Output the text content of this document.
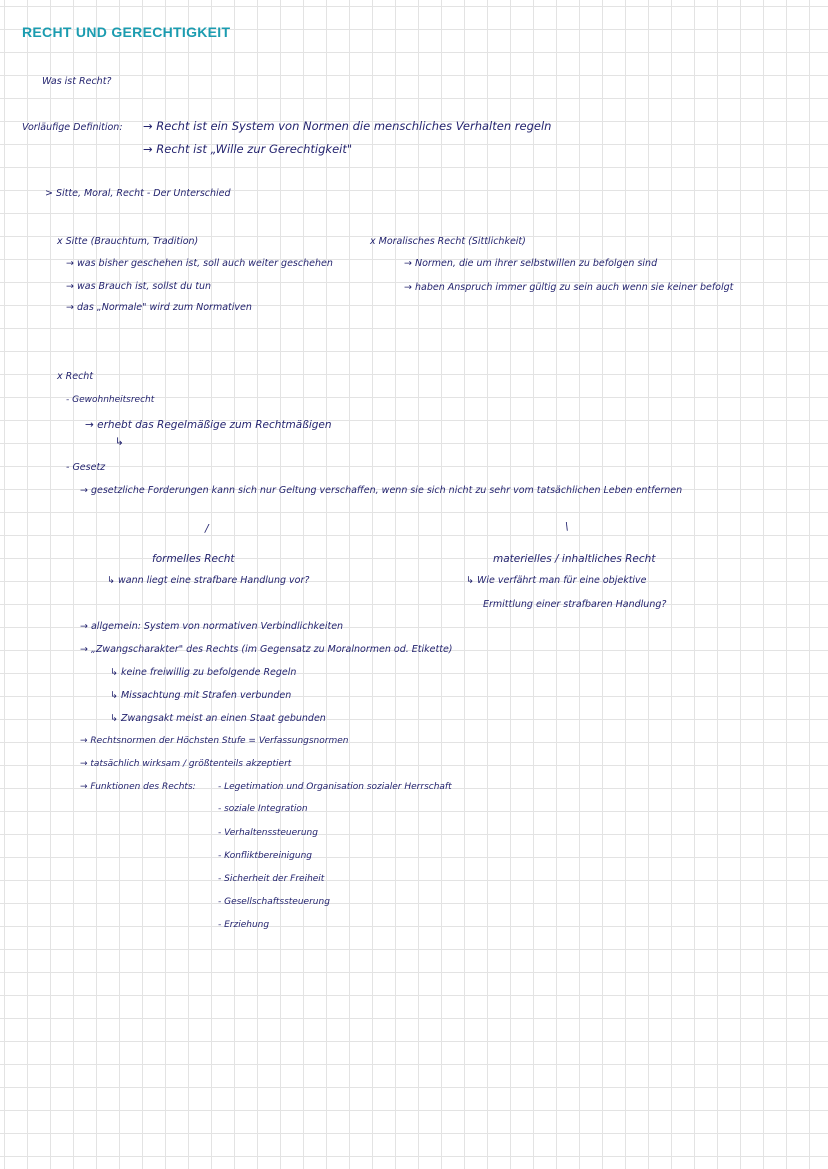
RECHT UND GERECHTIGKEIT
Was ist Recht?
Vorläufige Definition: → Recht ist ein System von Normen die menschliches Verhalten regeln
→ Recht ist „Wille zur Gerechtigkeit"
> Sitte, Moral, Recht - Der Unterschied
x Sitte (Brauchtum, Tradition)
→ was bisher geschehen ist, soll auch weiter geschehen
→ was Brauch ist, sollst du tun
→ das „Normale" wird zum Normativen
x Moralisches Recht (Sittlichkeit)
→ Normen, die um ihrer selbstwillen zu befolgen sind
→ haben Anspruch immer gültig zu sein auch wenn sie keiner befolgt
x Recht
- Gewohnheitsrecht
→ erhebt das Regelmäßige zum Rechtmäßigen
↳
- Gesetz
→ gesetzliche Forderungen kann sich nur Geltung verschaffen, wenn sie sich nicht zu sehr vom tatsächlichen Leben entfernen
/	\
formelles Recht
↳ wann liegt eine strafbare Handlung vor?
materielles / inhaltliches Recht
↳ Wie verfährt man für eine objektive
Ermittlung einer strafbaren Handlung?
→ allgemein: System von normativen Verbindlichkeiten
→ „Zwangscharakter" des Rechts (im Gegensatz zu Moralnormen od. Etikette)
↳ keine freiwillig zu befolgende Regeln
↳ Missachtung mit Strafen verbunden
↳ Zwangsakt meist an einen Staat gebunden
→ Rechtsnormen der Höchsten Stufe = Verfassungsnormen
→ tatsächlich wirksam / größtenteils akzeptiert
→ Funktionen des Rechts: - Legetimation und Organisation sozialer Herrschaft
- soziale Integration
- Verhaltenssteuerung
- Konfliktbereinigung
- Sicherheit der Freiheit
- Gesellschaftssteuerung
- Erziehung
